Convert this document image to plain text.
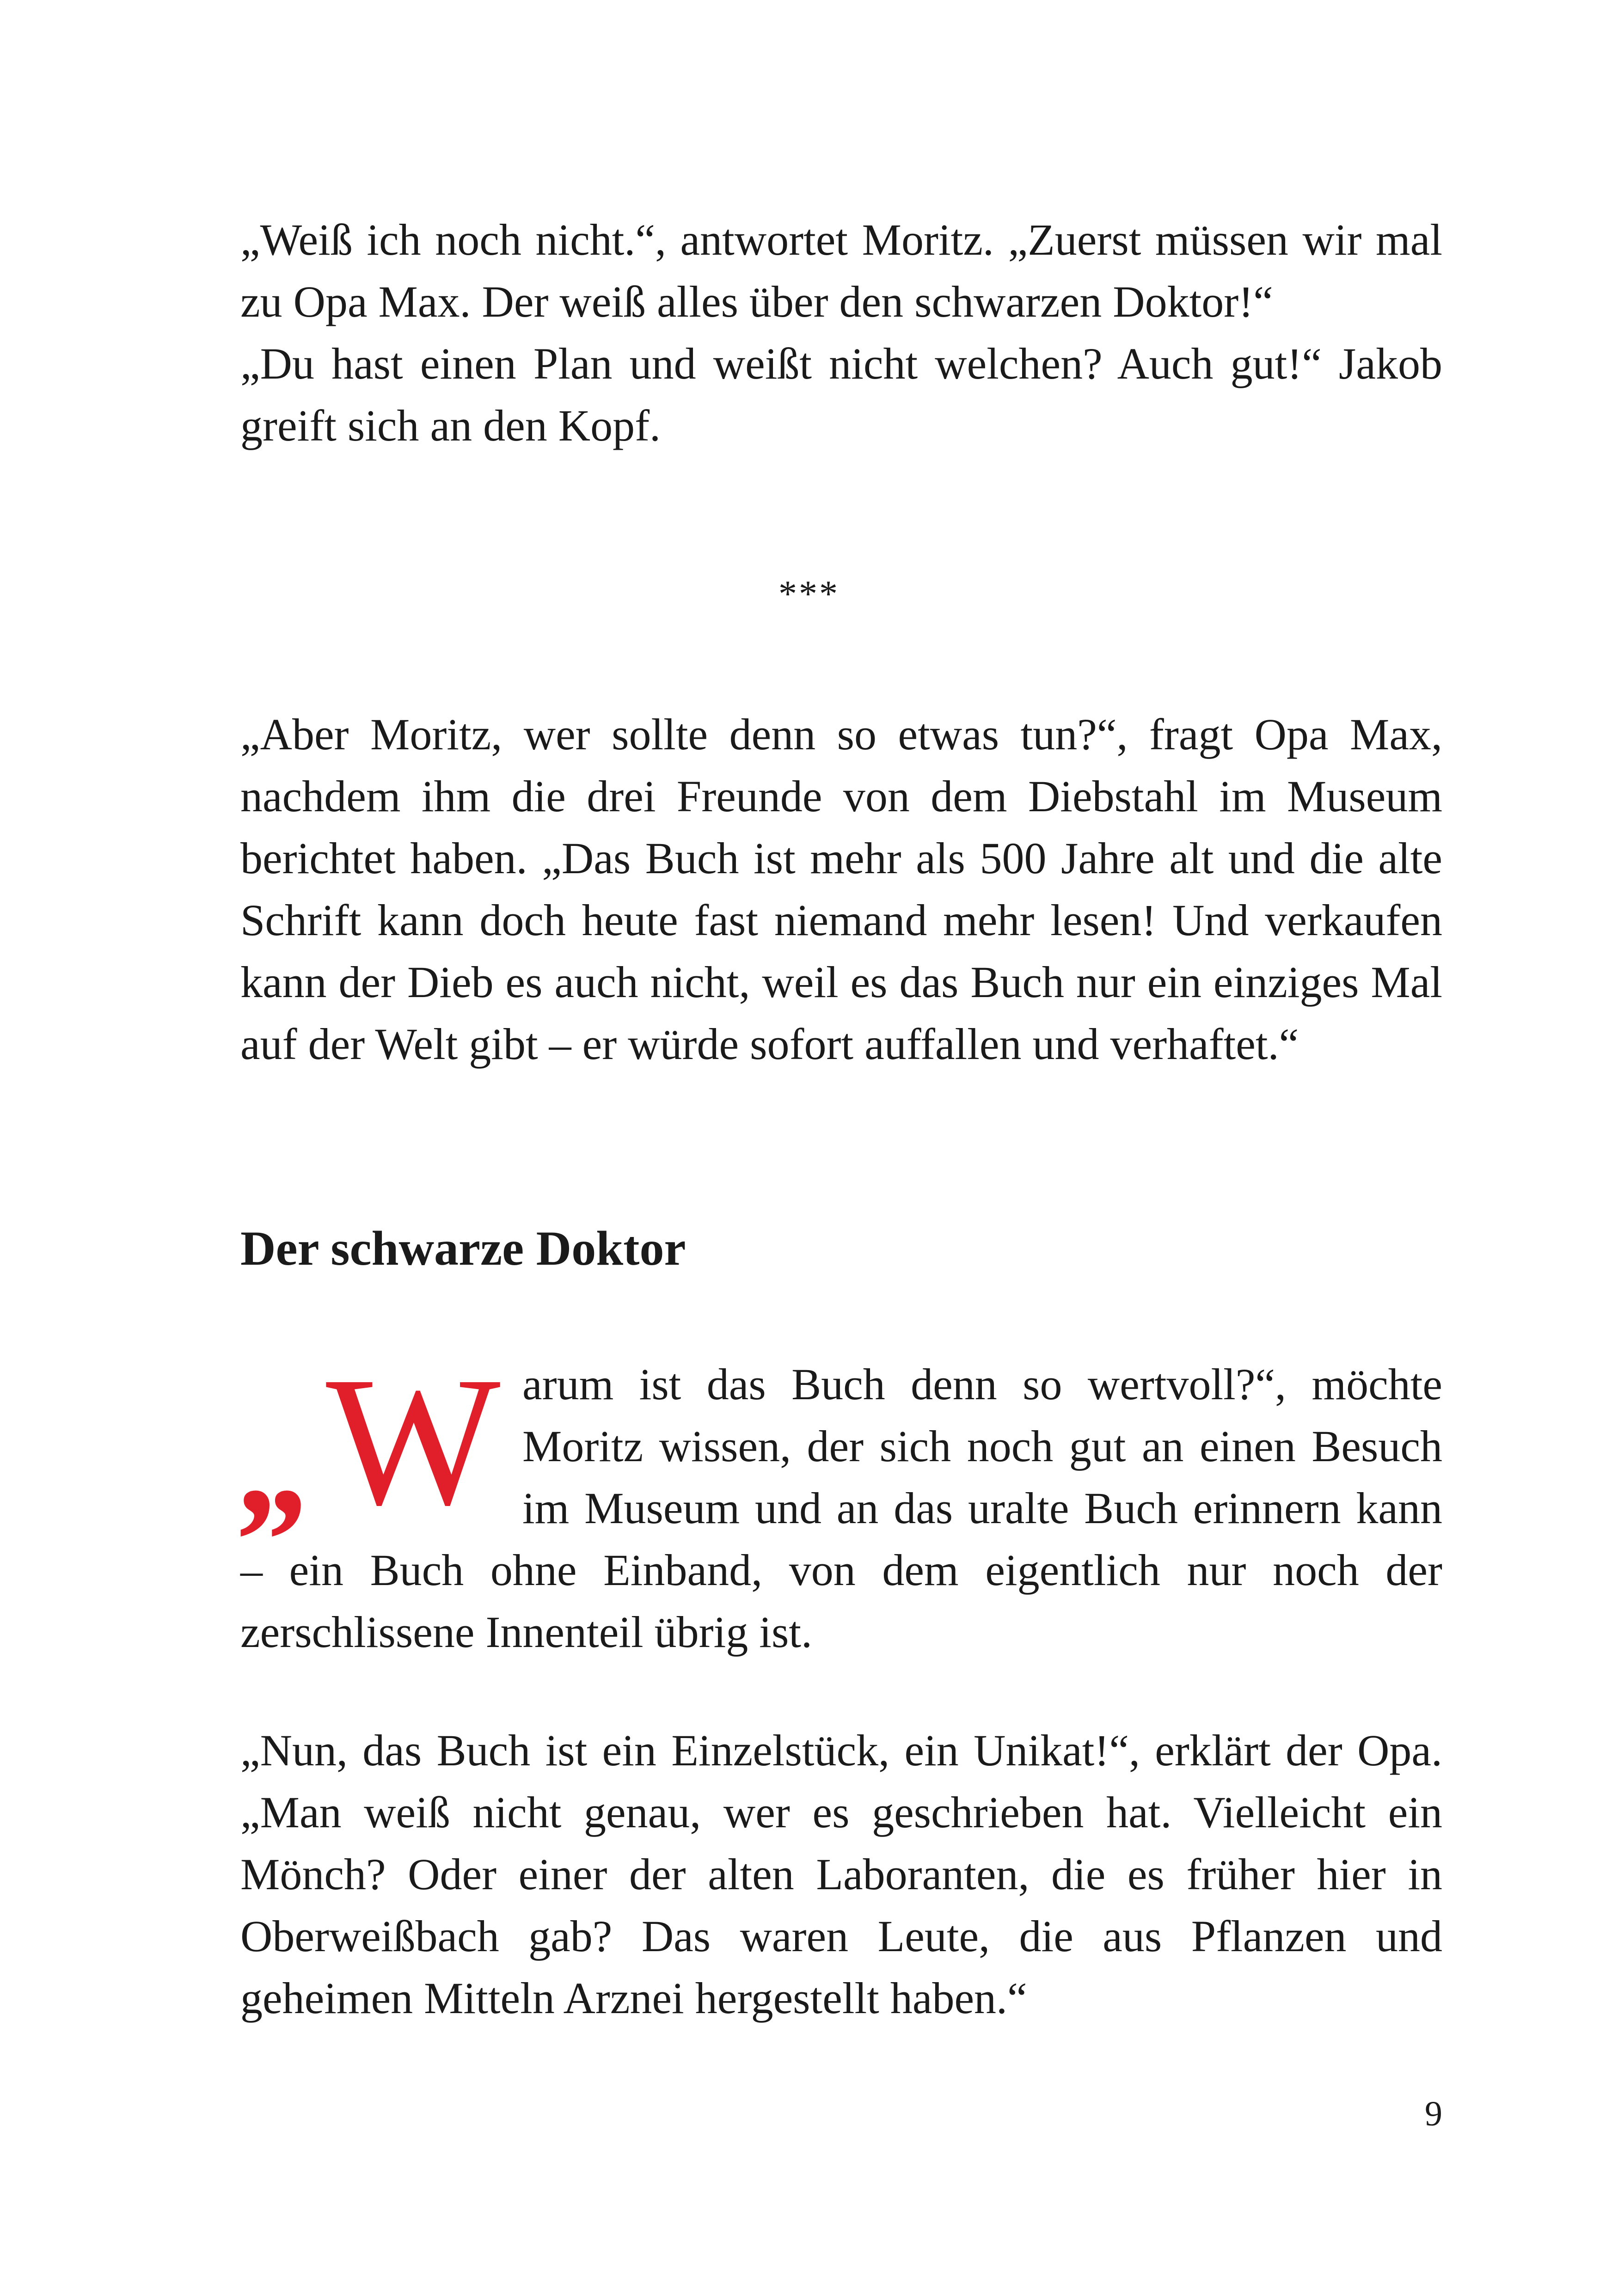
„Weiß ich noch nicht.“, antwortet Moritz. „Zuerst müssen wir mal zu Opa Max. Der weiß alles über den schwarzen Doktor!“

„Du hast einen Plan und weißt nicht welchen? Auch gut!“ Jakob greift sich an den Kopf.

***

„Aber Moritz, wer sollte denn so etwas tun?“, fragt Opa Max, nachdem ihm die drei Freunde von dem Diebstahl im Museum berichtet haben. „Das Buch ist mehr als 500 Jahre alt und die alte Schrift kann doch heute fast niemand mehr lesen! Und verkaufen kann der Dieb es auch nicht, weil es das Buch nur ein einziges Mal auf der Welt gibt – er würde sofort auffallen und verhaftet.“

Der schwarze Doktor
„ W arum ist das Buch denn so wertvoll?“, möchte Moritz wissen, der sich noch gut an einen Besuch im Museum und an das uralte Buch erinnern kann – ein Buch ohne Einband, von dem eigentlich nur noch der zerschlissene Innenteil übrig ist.

„Nun, das Buch ist ein Einzelstück, ein Unikat!“, erklärt der Opa. „Man weiß nicht genau, wer es geschrieben hat. Vielleicht ein Mönch? Oder einer der alten Laboranten, die es früher hier in Oberweißbach gab? Das waren Leute, die aus Pflanzen und geheimen Mitteln Arznei hergestellt haben.“

9
